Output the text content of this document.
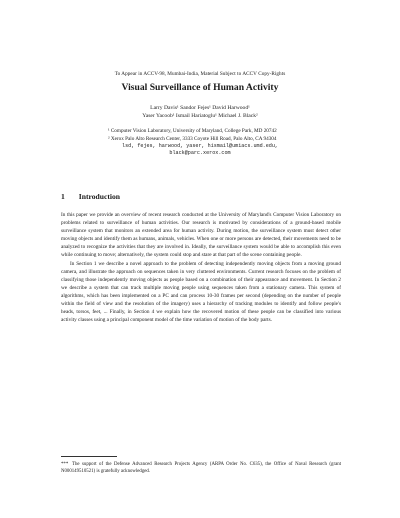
To Appear in ACCV-98, Mumbai-India, Material Subject to ACCV Copy-Rights
Visual Surveillance of Human Activity
Larry Davis¹ Sandor Fejes¹ David Harwood¹
Yaser Yacoob¹ Ismail Hariatoglu¹ Michael J. Black²
¹ Computer Vision Laboratory, University of Maryland, College Park, MD 20742
² Xerox Palo Alto Research Center, 3333 Coyote Hill Road, Palo Alto, CA 94304
lsd, fejes, harwood, yaser, hismail@umiacs.umd.edu,
black@parc.xerox.com
1 Introduction

In this paper we provide an overview of recent research conducted at the University of Maryland's Computer Vision Laboratory on problems related to surveillance of human activities. Our research is motivated by considerations of a ground-based mobile surveillance system that monitors an extended area for human activity. During motion, the surveillance system must detect other moving objects and identify them as humans, animals, vehicles. When one or more persons are detected, their movements need to be analyzed to recognize the activities that they are involved in. Ideally, the surveillance system would be able to accomplish this even while continuing to move; alternatively, the system could stop and stare at that part of the scene containing people.

In Section 1 we describe a novel approach to the problem of detecting independently moving objects from a moving ground camera, and illustrate the approach on sequences taken in very cluttered environments. Current research focuses on the problem of classifying those independently moving objects as people based on a combination of their appearance and movement. In Section 2 we describe a system that can track multiple moving people using sequences taken from a stationary camera. This system of algorithms, which has been implemented on a PC and can process 10-30 frames per second (depending on the number of people within the field of view and the resolution of the imagery) uses a hierarchy of tracking modules to identify and follow people's heads, torsos, feet, ... Finally, in Section 4 we explain how the recovered motion of these people can be classified into various activity classes using a principal component model of the time variation of motion of the body parts.

*** The support of the Defense Advanced Research Projects Agency (ARPA Order No. C635), the Office of Naval Research (grant N000149510521) is gratefully acknowledged.
